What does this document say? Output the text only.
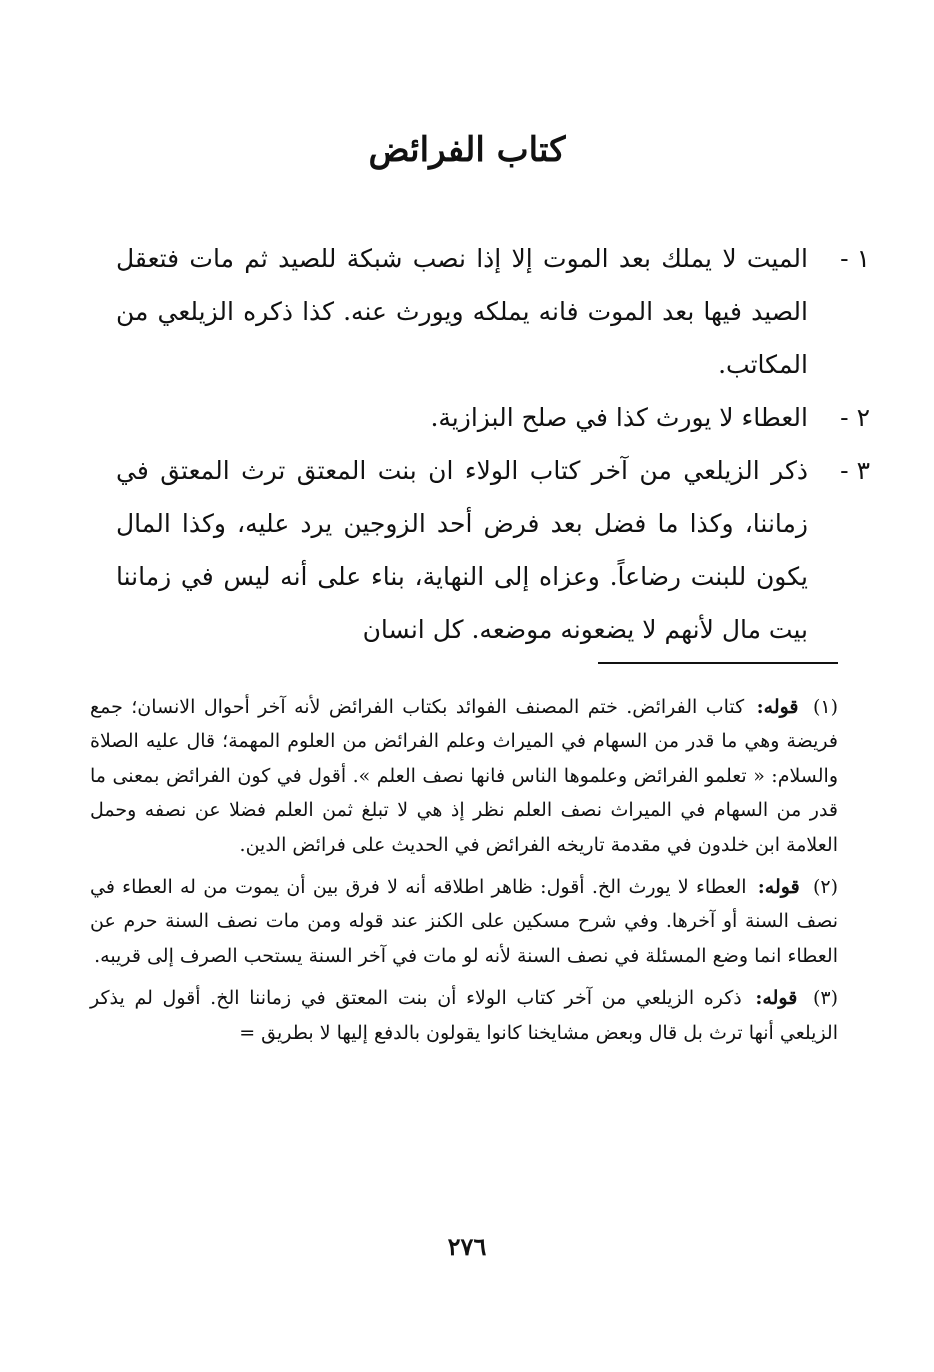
كتاب الفرائض
١ -
الميت لا يملك بعد الموت إلا إذا نصب شبكة للصيد ثم مات فتعقل الصيد فيها بعد الموت فانه يملكه ويورث عنه. كذا ذكره الزيلعي من المكاتب.
٢ -
العطاء لا يورث كذا في صلح البزازية.
٣ -
ذكر الزيلعي من آخر كتاب الولاء ان بنت المعتق ترث المعتق في زماننا، وكذا ما فضل بعد فرض أحد الزوجين يرد عليه، وكذا المال يكون للبنت رضاعاً. وعزاه إلى النهاية، بناء على أنه ليس في زماننا بيت مال لأنهم لا يضعونه موضعه. كل انسان

(١) قوله: كتاب الفرائض. ختم المصنف الفوائد بكتاب الفرائض لأنه آخر أحوال الانسان؛ جمع فريضة وهي ما قدر من السهام في الميراث وعلم الفرائض من العلوم المهمة؛ قال عليه الصلاة والسلام: « تعلمو الفرائض وعلموها الناس فانها نصف العلم ». أقول في كون الفرائض بمعنى ما قدر من السهام في الميراث نصف العلم نظر إذ هي لا تبلغ ثمن العلم فضلا عن نصفه وحمل العلامة ابن خلدون في مقدمة تاريخه الفرائض في الحديث على فرائض الدين.

(٢) قوله: العطاء لا يورث الخ. أقول: ظاهر اطلاقه أنه لا فرق بين أن يموت من له العطاء في نصف السنة أو آخرها. وفي شرح مسكين على الكنز عند قوله ومن مات نصف السنة حرم عن العطاء انما وضع المسئلة في نصف السنة لأنه لو مات في آخر السنة يستحب الصرف إلى قريبه.

(٣) قوله: ذكره الزيلعي من آخر كتاب الولاء أن بنت المعتق في زماننا الخ. أقول لم يذكر الزيلعي أنها ترث بل قال وبعض مشايخنا كانوا يقولون بالدفع إليها لا بطريق =

٢٧٦
